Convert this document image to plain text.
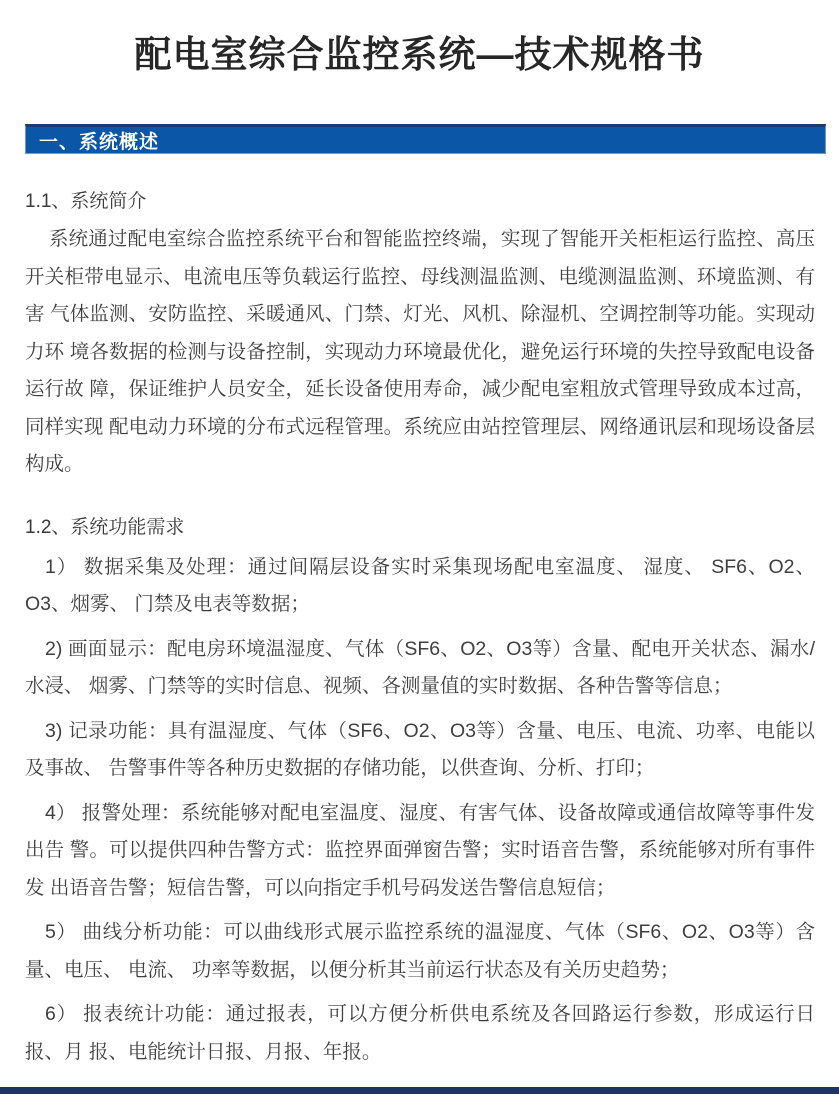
配电室综合监控系统—技术规格书
一、系统概述
1.1、系统简介

系统通过配电室综合监控系统平台和智能监控终端，实现了智能开关柜柜运行监控、高压开关柜带电显示、电流电压等负载运行监控、母线测温监测、电缆测温监测、环境监测、有害 气体监测、安防监控、采暖通风、门禁、灯光、风机、除湿机、空调控制等功能。实现动力环 境各数据的检测与设备控制，实现动力环境最优化，避免运行环境的失控导致配电设备运行故 障，保证维护人员安全，延长设备使用寿命，减少配电室粗放式管理导致成本过高，同样实现 配电动力环境的分布式远程管理。系统应由站控管理层、网络通讯层和现场设备层构成。

1.2、系统功能需求

1） 数据采集及处理：通过间隔层设备实时采集现场配电室温度、 湿度、 SF6、O2、O3、烟雾、 门禁及电表等数据；

2) 画面显示：配电房环境温湿度、气体（SF6、O2、O3等）含量、配电开关状态、漏水/水浸、 烟雾、门禁等的实时信息、视频、各测量值的实时数据、各种告警等信息；

3) 记录功能：具有温湿度、气体（SF6、O2、O3等）含量、电压、电流、功率、电能以及事故、 告警事件等各种历史数据的存储功能，以供查询、分析、打印；

4） 报警处理：系统能够对配电室温度、湿度、有害气体、设备故障或通信故障等事件发出告 警。可以提供四种告警方式：监控界面弹窗告警；实时语音告警，系统能够对所有事件发 出语音告警；短信告警，可以向指定手机号码发送告警信息短信；

5） 曲线分析功能：可以曲线形式展示监控系统的温湿度、气体（SF6、O2、O3等）含量、电压、 电流、 功率等数据，以便分析其当前运行状态及有关历史趋势；

6） 报表统计功能：通过报表，可以方便分析供电系统及各回路运行参数，形成运行日报、月 报、电能统计日报、月报、年报。
